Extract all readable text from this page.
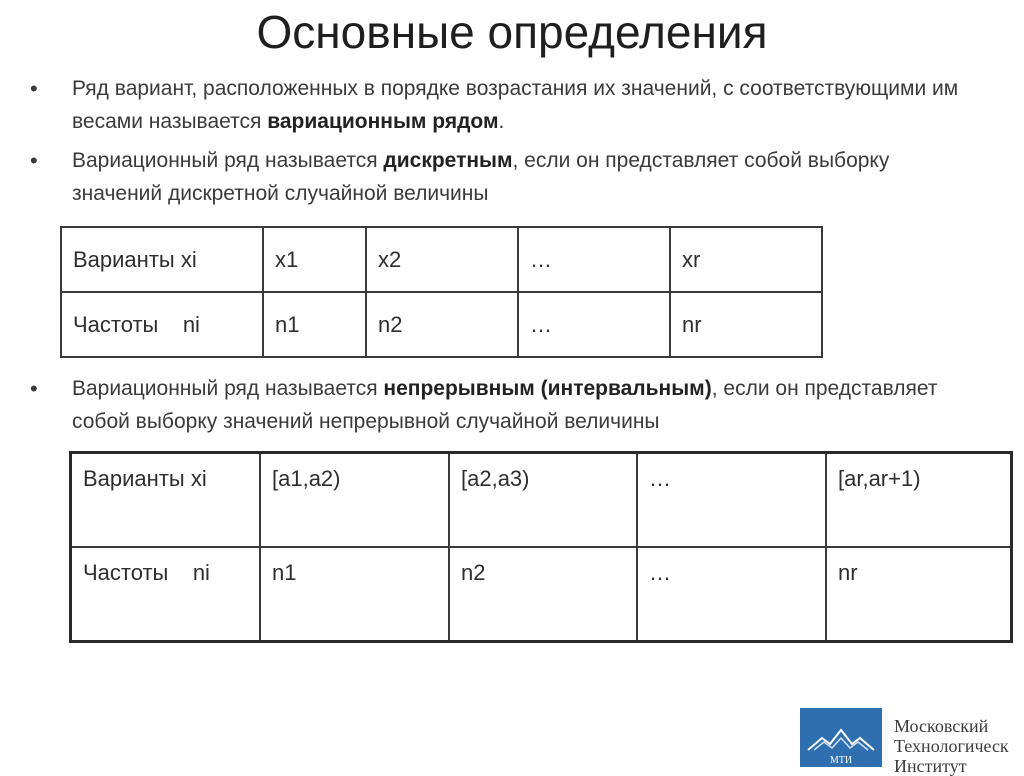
Основные определения
• Ряд вариант, расположенных в порядке возрастания их значений, с соответствующими им весами называется вариационным рядом.
• Вариационный ряд называется дискретным, если он представляет собой выборку значений дискретной случайной величины
Варианты xi	x1	x2	…	xr
Частоты    ni	n1	n2	…	nr
• Вариационный ряд называется непрерывным (интервальным), если он представляет собой выборку значений непрерывной случайной величины
Варианты xi	[a1,a2)	[a2,a3)	…	[ar,ar+1)
Частоты    ni	n1	n2	…	nr
МТИ
Московский
Технологическ
Институт
